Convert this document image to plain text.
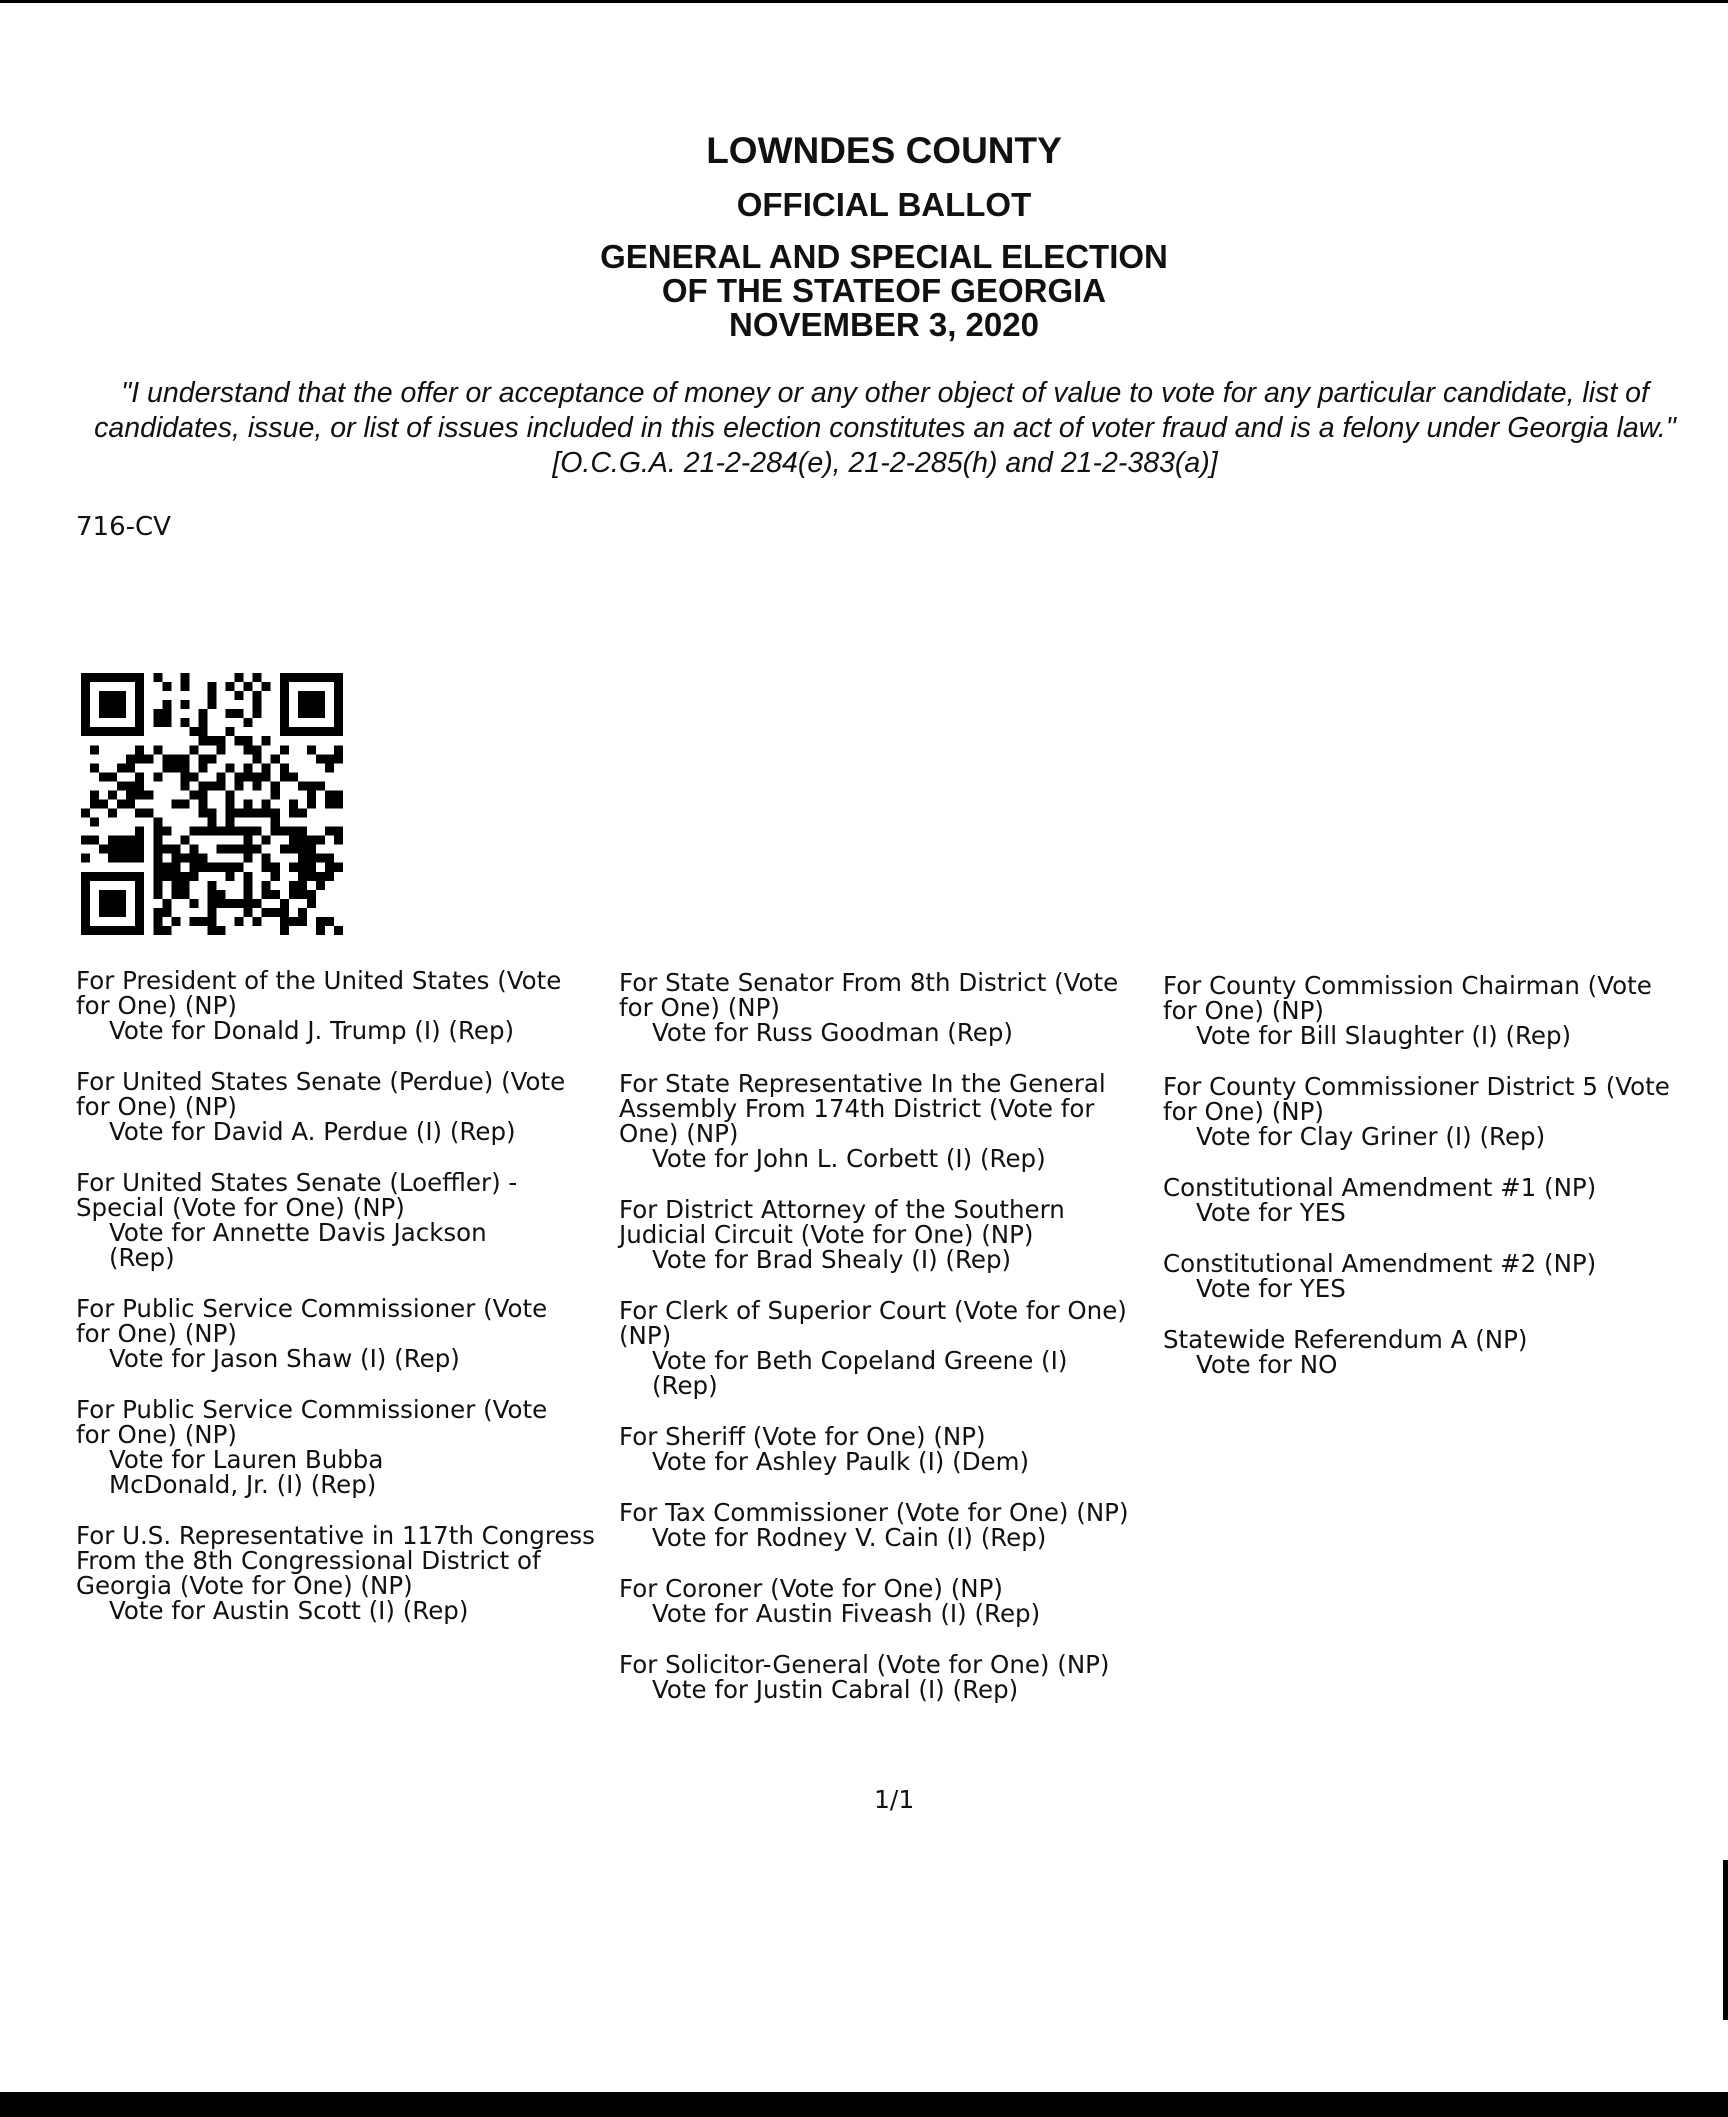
LOWNDES COUNTY
OFFICIAL BALLOT
GENERAL AND SPECIAL ELECTION
OF THE STATEOF GEORGIA
NOVEMBER 3, 2020
"I understand that the offer or acceptance of money or any other object of value to vote for any particular candidate, list of candidates, issue, or list of issues included in this election constitutes an act of voter fraud and is a felony under Georgia law." [O.C.G.A. 21-2-284(e), 21-2-285(h) and 21-2-383(a)]
716-CV
For President of the United States (Vote
for One) (NP)
Vote for Donald J. Trump (I) (Rep)
For United States Senate (Perdue) (Vote
for One) (NP)
Vote for David A. Perdue (I) (Rep)
For United States Senate (Loeffler) -
Special (Vote for One) (NP)
Vote for Annette Davis Jackson
(Rep)
For Public Service Commissioner (Vote
for One) (NP)
Vote for Jason Shaw (I) (Rep)
For Public Service Commissioner (Vote
for One) (NP)
Vote for Lauren Bubba
McDonald, Jr. (I) (Rep)
For U.S. Representative in 117th Congress
From the 8th Congressional District of
Georgia (Vote for One) (NP)
Vote for Austin Scott (I) (Rep)
For State Senator From 8th District (Vote
for One) (NP)
Vote for Russ Goodman (Rep)
For State Representative In the General
Assembly From 174th District (Vote for
One) (NP)
Vote for John L. Corbett (I) (Rep)
For District Attorney of the Southern
Judicial Circuit (Vote for One) (NP)
Vote for Brad Shealy (I) (Rep)
For Clerk of Superior Court (Vote for One)
(NP)
Vote for Beth Copeland Greene (I)
(Rep)
For Sheriff (Vote for One) (NP)
Vote for Ashley Paulk (I) (Dem)
For Tax Commissioner (Vote for One) (NP)
Vote for Rodney V. Cain (I) (Rep)
For Coroner (Vote for One) (NP)
Vote for Austin Fiveash (I) (Rep)
For Solicitor-General (Vote for One) (NP)
Vote for Justin Cabral (I) (Rep)
For County Commission Chairman (Vote
for One) (NP)
Vote for Bill Slaughter (I) (Rep)
For County Commissioner District 5 (Vote
for One) (NP)
Vote for Clay Griner (I) (Rep)
Constitutional Amendment #1 (NP)
Vote for YES
Constitutional Amendment #2 (NP)
Vote for YES
Statewide Referendum A (NP)
Vote for NO
1/1
